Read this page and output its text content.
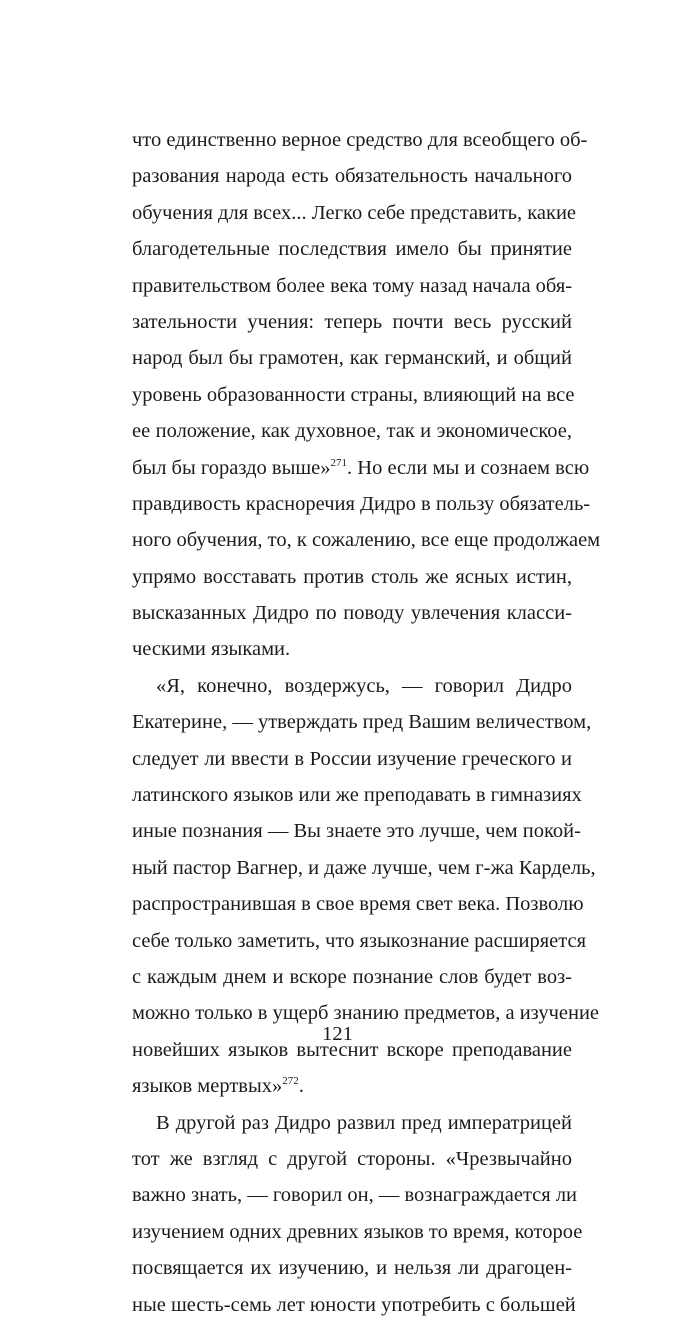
что единственно верное средство для всеобщего об-
разования народа есть обязательность начального
обучения для всех... Легко себе представить, какие
благодетельные последствия имело бы принятие
правительством более века тому назад начала обя-
зательности учения: теперь почти весь русский
народ был бы грамотен, как германский, и общий
уровень образованности страны, влияющий на все
ее положение, как духовное, так и экономическое,
был бы гораздо выше»$^{271}$. Но если мы и сознаем всю
правдивость красноречия Дидро в пользу обязатель-
ного обучения, то, к сожалению, все еще продолжаем
упрямо восставать против столь же ясных истин,
высказанных Дидро по поводу увлечения класси-
ческими языками.
«Я, конечно, воздержусь, — говорил Дидро
Екатерине, — утверждать пред Вашим величеством,
следует ли ввести в России изучение греческого и
латинского языков или же преподавать в гимназиях
иные познания — Вы знаете это лучше, чем покой-
ный пастор Вагнер, и даже лучше, чем г-жа Кардель,
распространившая в свое время свет века. Позволю
себе только заметить, что языкознание расширяется
с каждым днем и вскоре познание слов будет воз-
можно только в ущерб знанию предметов, а изучение
новейших языков вытеснит вскоре преподавание
языков мертвых»$^{272}$.
В другой раз Дидро развил пред императрицей
тот же взгляд с другой стороны. «Чрезвычайно
важно знать, — говорил он, — вознаграждается ли
изучением одних древних языков то время, которое
посвящается их изучению, и нельзя ли драгоцен-
ные шесть-семь лет юности употребить с большей
121
